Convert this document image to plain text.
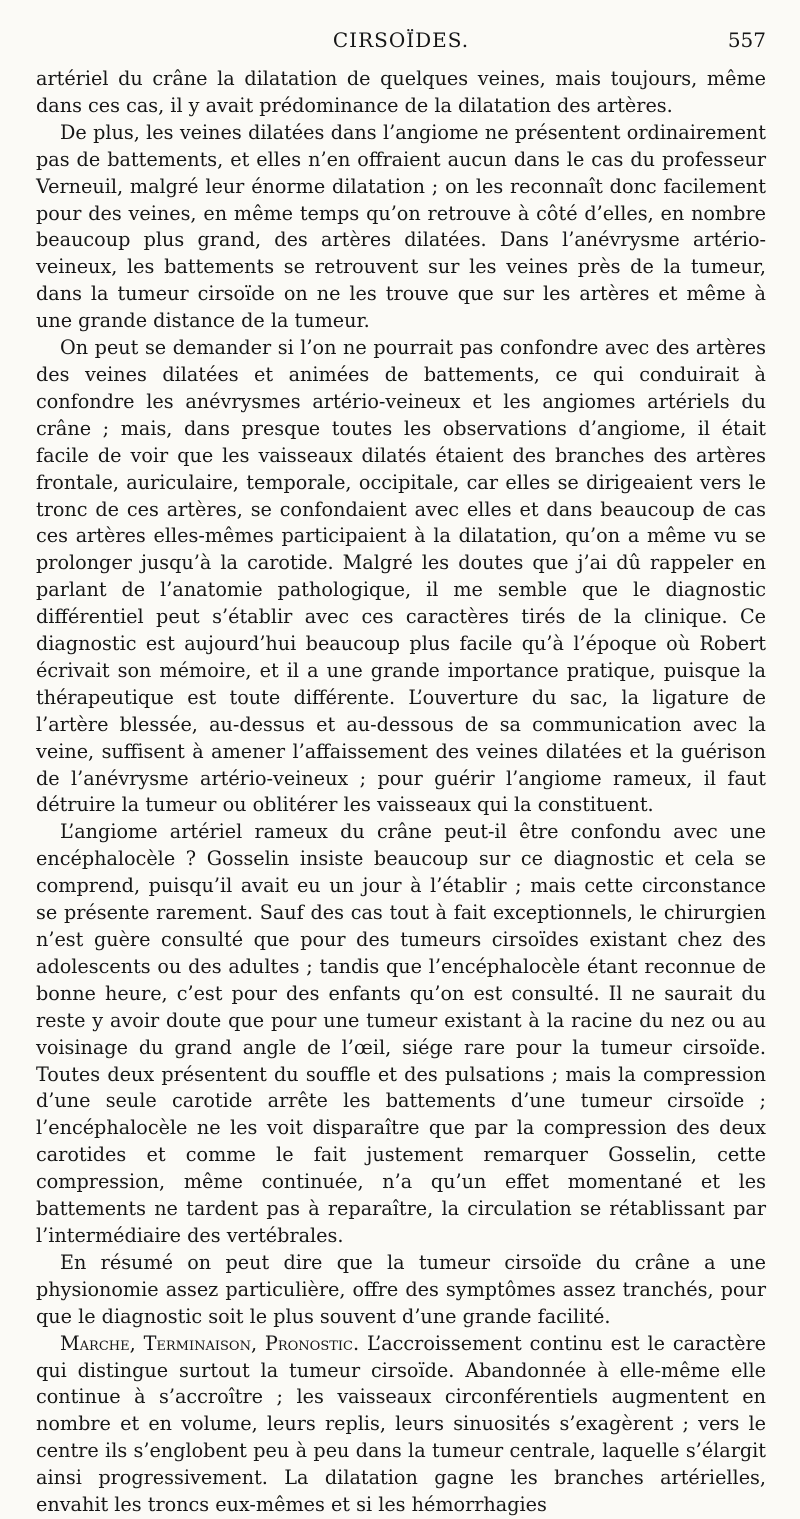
CIRSOÏDES.	557

artériel du crâne la dilatation de quelques veines, mais toujours, même dans ces cas, il y avait prédominance de la dilatation des artères.

De plus, les veines dilatées dans l’angiome ne présentent ordinairement pas de battements, et elles n’en offraient aucun dans le cas du professeur Verneuil, malgré leur énorme dilatation ; on les reconnaît donc facilement pour des veines, en même temps qu’on retrouve à côté d’elles, en nombre beaucoup plus grand, des artères dilatées. Dans l’anévrysme artério-veineux, les battements se retrouvent sur les veines près de la tumeur, dans la tumeur cirsoïde on ne les trouve que sur les artères et même à une grande distance de la tumeur.

On peut se demander si l’on ne pourrait pas confondre avec des artères des veines dilatées et animées de battements, ce qui conduirait à confondre les anévrysmes artério-veineux et les angiomes artériels du crâne ; mais, dans presque toutes les observations d’angiome, il était facile de voir que les vaisseaux dilatés étaient des branches des artères frontale, auriculaire, temporale, occipitale, car elles se dirigeaient vers le tronc de ces artères, se confondaient avec elles et dans beaucoup de cas ces artères elles-mêmes participaient à la dilatation, qu’on a même vu se prolonger jusqu’à la carotide. Malgré les doutes que j’ai dû rappeler en parlant de l’anatomie pathologique, il me semble que le diagnostic différentiel peut s’établir avec ces caractères tirés de la clinique. Ce diagnostic est aujourd’hui beaucoup plus facile qu’à l’époque où Robert écrivait son mémoire, et il a une grande importance pratique, puisque la thérapeutique est toute différente. L’ouverture du sac, la ligature de l’artère blessée, au-dessus et au-dessous de sa communication avec la veine, suffisent à amener l’affaissement des veines dilatées et la guérison de l’anévrysme artério-veineux ; pour guérir l’angiome rameux, il faut détruire la tumeur ou oblitérer les vaisseaux qui la constituent.

L’angiome artériel rameux du crâne peut-il être confondu avec une encéphalocèle ? Gosselin insiste beaucoup sur ce diagnostic et cela se comprend, puisqu’il avait eu un jour à l’établir ; mais cette circonstance se présente rarement. Sauf des cas tout à fait exceptionnels, le chirurgien n’est guère consulté que pour des tumeurs cirsoïdes existant chez des adolescents ou des adultes ; tandis que l’encéphalocèle étant reconnue de bonne heure, c’est pour des enfants qu’on est consulté. Il ne saurait du reste y avoir doute que pour une tumeur existant à la racine du nez ou au voisinage du grand angle de l’œil, siége rare pour la tumeur cirsoïde. Toutes deux présentent du souffle et des pulsations ; mais la compression d’une seule carotide arrête les battements d’une tumeur cirsoïde ; l’encéphalocèle ne les voit disparaître que par la compression des deux carotides et comme le fait justement remarquer Gosselin, cette compression, même continuée, n’a qu’un effet momentané et les battements ne tardent pas à reparaître, la circulation se rétablissant par l’intermédiaire des vertébrales.

En résumé on peut dire que la tumeur cirsoïde du crâne a une physionomie assez particulière, offre des symptômes assez tranchés, pour que le diagnostic soit le plus souvent d’une grande facilité.

Marche, Terminaison, Pronostic. L’accroissement continu est le caractère qui distingue surtout la tumeur cirsoïde. Abandonnée à elle-même elle continue à s’accroître ; les vaisseaux circonférentiels augmentent en nombre et en volume, leurs replis, leurs sinuosités s’exagèrent ; vers le centre ils s’englobent peu à peu dans la tumeur centrale, laquelle s’élargit ainsi progressivement. La dilatation gagne les branches artérielles, envahit les troncs eux-mêmes et si les hémorrhagies
